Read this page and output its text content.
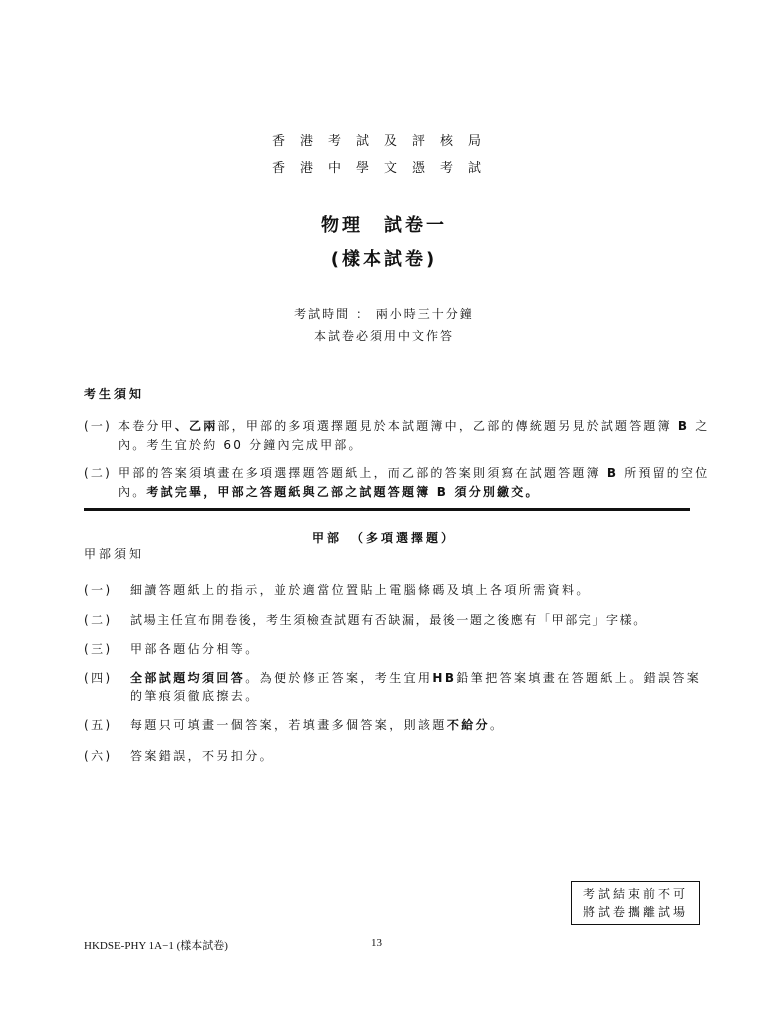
香港考試及評核局
香港中學文憑考試
物理　試卷一
(樣本試卷)
考試時間 ： 兩小時三十分鐘
本試卷必須用中文作答
考生須知
(一) 本卷分甲、乙兩部，甲部的多項選擇題見於本試題簿中，乙部的傳統題另見於試題答題簿 B 之內。考生宜於約 60 分鐘內完成甲部。
(二) 甲部的答案須填畫在多項選擇題答題紙上，而乙部的答案則須寫在試題答題簿 B 所預留的空位內。考試完畢，甲部之答題紙與乙部之試題答題簿 B 須分別繳交。
甲部　（多項選擇題）
甲部須知
(一) 細讀答題紙上的指示，並於適當位置貼上電腦條碼及填上各項所需資料。
(二) 試場主任宣布開卷後，考生須檢查試題有否缺漏，最後一題之後應有「甲部完」字樣。
(三) 甲部各題佔分相等。
(四) 全部試題均須回答。為便於修正答案，考生宜用HB鉛筆把答案填畫在答題紙上。錯誤答案的筆痕須徹底擦去。
(五) 每題只可填畫一個答案，若填畫多個答案，則該題不給分。
(六) 答案錯誤，不另扣分。
考試結束前不可
將試卷攜離試場
HKDSE-PHY 1A−1 (樣本試卷)	13
